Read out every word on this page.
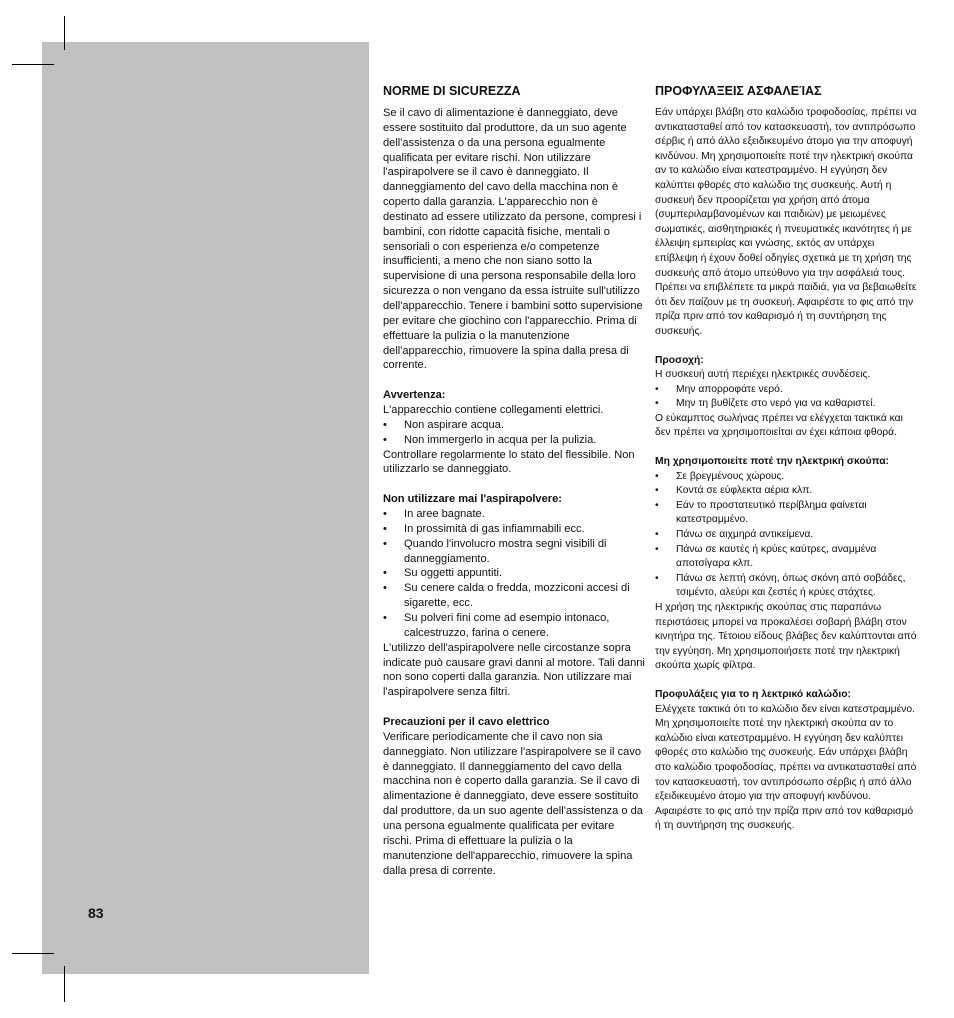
83
NORME DI SICUREZZA

Se il cavo di alimentazione è danneggiato, deve essere sostituito dal produttore, da un suo agente dell'assistenza o da una persona egualmente qualificata per evitare rischi. Non utilizzare l'aspirapolvere se il cavo è danneggiato. Il danneggiamento del cavo della macchina non è coperto dalla garanzia. L'apparecchio non è destinato ad essere utilizzato da persone, compresi i bambini, con ridotte capacità fisiche, mentali o sensoriali o con esperienza e/o competenze insufficienti, a meno che non siano sotto la supervisione di una persona responsabile della loro sicurezza o non vengano da essa istruite sull'utilizzo dell'apparecchio. Tenere i bambini sotto supervisione per evitare che giochino con l'apparecchio. Prima di effettuare la pulizia o la manutenzione dell'apparecchio, rimuovere la spina dalla presa di corrente.

Avvertenza:

L'apparecchio contiene collegamenti elettrici.

• Non aspirare acqua.
• Non immergerlo in acqua per la pulizia.

Controllare regolarmente lo stato del flessibile. Non utilizzarlo se danneggiato.

Non utilizzare mai l'aspirapolvere:
• In aree bagnate.
• In prossimità di gas infiammabili ecc.
• Quando l'involucro mostra segni visibili di danneggiamento.
• Su oggetti appuntiti.
• Su cenere calda o fredda, mozziconi accesi di sigarette, ecc.
• Su polveri fini come ad esempio intonaco, calcestruzzo, farina o cenere.

L'utilizzo dell'aspirapolvere nelle circostanze sopra indicate può causare gravi danni al motore. Tali danni non sono coperti dalla garanzia. Non utilizzare mai l'aspirapolvere senza filtri.

Precauzioni per il cavo elettrico

Verificare periodicamente che il cavo non sia danneggiato. Non utilizzare l'aspirapolvere se il cavo è danneggiato. Il danneggiamento del cavo della macchina non è coperto dalla garanzia. Se il cavo di alimentazione è danneggiato, deve essere sostituito dal produttore, da un suo agente dell'assistenza o da una persona egualmente qualificata per evitare rischi. Prima di effettuare la pulizia o la manutenzione dell'apparecchio, rimuovere la spina dalla presa di corrente.

ΠΡΟΦΥΛΆΞΕΙΣ ΑΣΦΑΛΕΊΑΣ

Εάν υπάρχει βλάβη στο καλώδιο τροφοδοσίας, πρέπει να αντικατασταθεί από τον κατασκευαστή, τον αντιπρόσωπο σέρβις ή από άλλο εξειδικευμένο άτομο για την αποφυγή κινδύνου. Μη χρησιμοποιείτε ποτέ την ηλεκτρική σκούπα αν το καλώδιο είναι κατεστραμμένο. Η εγγύηση δεν καλύπτει φθορές στο καλώδιο της συσκευής. Αυτή η συσκευή δεν προορίζεται για χρήση από άτομα (συμπεριλαμβανομένων και παιδιών) με μειωμένες σωματικές, αισθητηριακές ή πνευματικές ικανότητες ή με έλλειψη εμπειρίας και γνώσης, εκτός αν υπάρχει επίβλεψη ή έχουν δοθεί οδηγίες σχετικά με τη χρήση της συσκευής από άτομο υπεύθυνο για την ασφάλειά τους. Πρέπει να επιβλέπετε τα μικρά παιδιά, για να βεβαιωθείτε ότι δεν παίζουν με τη συσκευή. Αφαιρέστε το φις από την πρίζα πριν από τον καθαρισμό ή τη συντήρηση της συσκευής.

Προσοχή:

Η συσκευή αυτή περιέχει ηλεκτρικές συνδέσεις.

• Μην απορροφάτε νερό.
• Μην τη βυθίζετε στο νερό για να καθαριστεί.

Ο εύκαμπτος σωλήνας πρέπει να ελέγχεται τακτικά και δεν πρέπει να χρησιμοποιείται αν έχει κάποια φθορά.

Μη χρησιμοποιείτε ποτέ την ηλεκτρική σκούπα:
• Σε βρεγμένους χώρους.
• Κοντά σε εύφλεκτα αέρια κλπ.
• Εάν το προστατευτικό περίβλημα φαίνεται κατεστραμμένο.
• Πάνω σε αιχμηρά αντικείμενα.
• Πάνω σε καυτές ή κρύες καύτρες, αναμμένα αποτσίγαρα κλπ.
• Πάνω σε λεπτή σκόνη, όπως σκόνη από σοβάδες, τσιμέντο, αλεύρι και ζεστές ή κρύες στάχτες.

Η χρήση της ηλεκτρικής σκούπας στις παραπάνω περιστάσεις μπορεί να προκαλέσει σοβαρή βλάβη στον κινητήρα της. Τέτοιου είδους βλάβες δεν καλύπτονται από την εγγύηση. Μη χρησιμοποιήσετε ποτέ την ηλεκτρική σκούπα χωρίς φίλτρα.

Προφυλάξεις για το η λεκτρικό καλώδιο:

Ελέγχετε τακτικά ότι το καλώδιο δεν είναι κατεστραμμένο. Μη χρησιμοποιείτε ποτέ την ηλεκτρική σκούπα αν το καλώδιο είναι κατεστραμμένο. Η εγγύηση δεν καλύπτει φθορές στο καλώδιο της συσκευής. Εάν υπάρχει βλάβη στο καλώδιο τροφοδοσίας, πρέπει να αντικατασταθεί από τον κατασκευαστή, τον αντιπρόσωπο σέρβις ή από άλλο εξειδικευμένο άτομο για την αποφυγή κινδύνου. Αφαιρέστε το φις από την πρίζα πριν από τον καθαρισμό ή τη συντήρηση της συσκευής.
